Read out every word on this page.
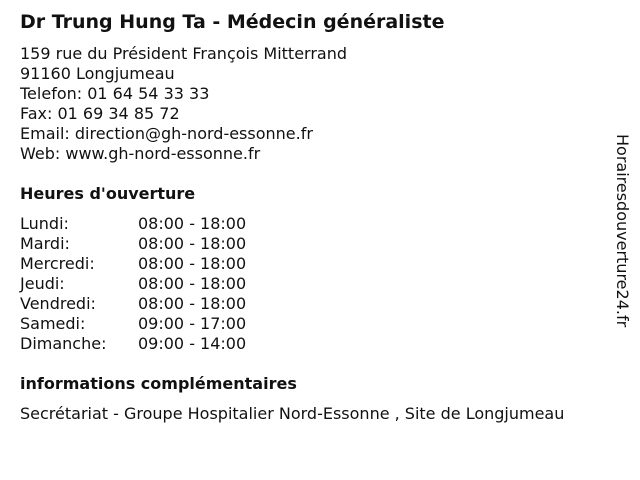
Dr Trung Hung Ta - Médecin généraliste
159 rue du Président François Mitterrand
91160 Longjumeau
Telefon: 01 64 54 33 33
Fax: 01 69 34 85 72
Email: direction@gh-nord-essonne.fr
Web: www.gh-nord-essonne.fr
Heures d'ouverture
Lundi:	08:00 - 18:00
Mardi:	08:00 - 18:00
Mercredi:	08:00 - 18:00
Jeudi:	08:00 - 18:00
Vendredi:	08:00 - 18:00
Samedi:	09:00 - 17:00
Dimanche:	09:00 - 14:00
informations complémentaires
Secrétariat - Groupe Hospitalier Nord-Essonne , Site de Longjumeau
Horairesdouverture24.fr
